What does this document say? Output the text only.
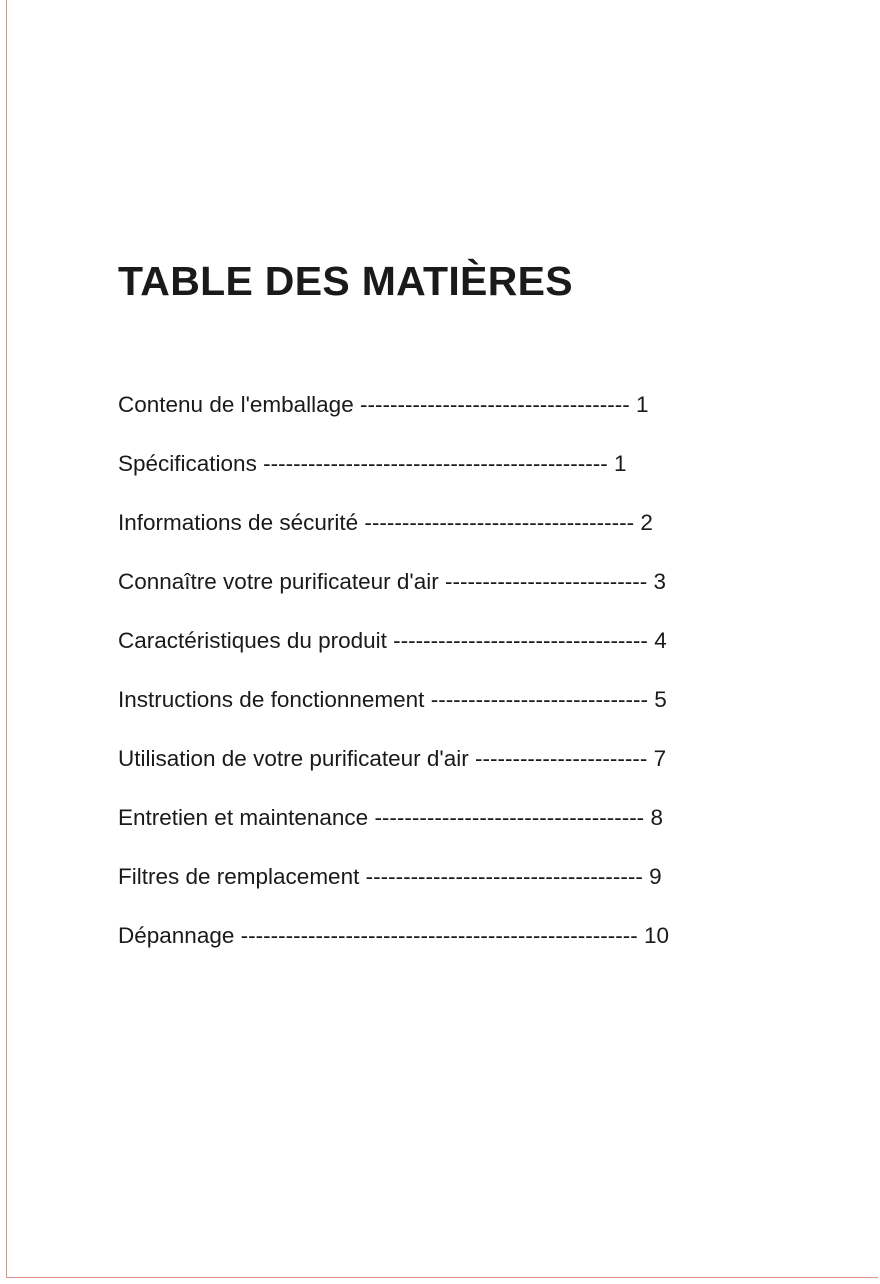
TABLE DES MATIÈRES
Contenu de l'emballage ------------------------------------ 1
Spécifications ---------------------------------------------- 1
Informations de sécurité ------------------------------------ 2
Connaître votre purificateur d'air --------------------------- 3
Caractéristiques du produit ---------------------------------- 4
Instructions de fonctionnement ----------------------------- 5
Utilisation de votre purificateur d'air ----------------------- 7
Entretien et maintenance ------------------------------------ 8
Filtres de remplacement ------------------------------------- 9
Dépannage ----------------------------------------------------- 10
